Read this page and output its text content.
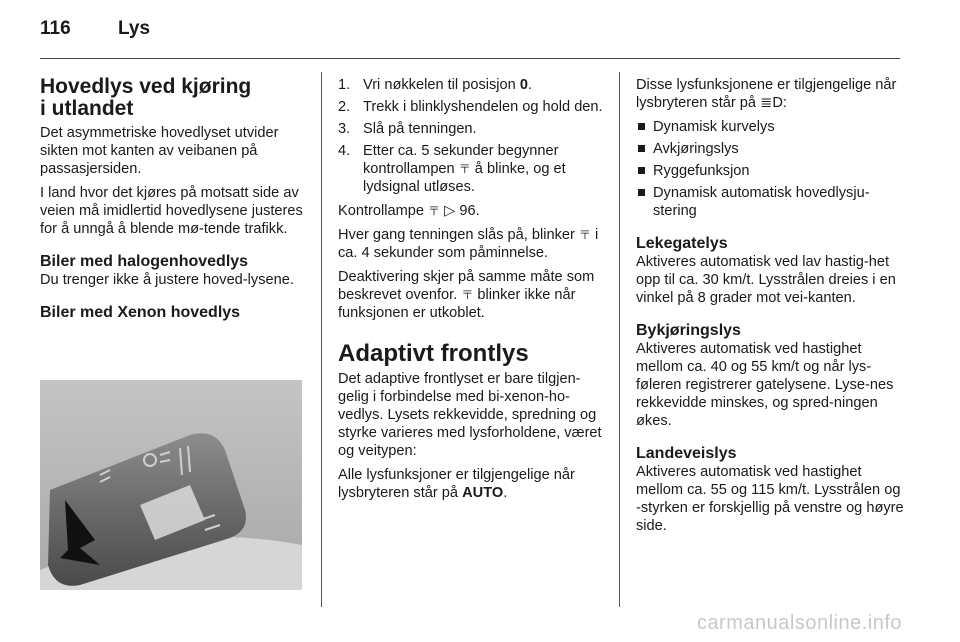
116 Lys
Hovedlys ved kjøring
i utlandet

Det asymmetriske hovedlyset utvider sikten mot kanten av veibanen på passasjersiden.

I land hvor det kjøres på motsatt side av veien må imidlertid hovedlysene justeres for å unngå å blende mø-tende trafikk.

Biler med halogenhovedlys

Du trenger ikke å justere hoved-lysene.

Biler med Xenon hovedlys
1. Vri nøkkelen til posisjon 0.
2. Trekk i blinklyshendelen og hold den.
3. Slå på tenningen.
4. Etter ca. 5 sekunder begynner kontrollampen 〒 å blinke, og et lydsignal utløses.

Kontrollampe 〒 ▷ 96.

Hver gang tenningen slås på, blinker 〒 i ca. 4 sekunder som påminnelse.

Deaktivering skjer på samme måte som beskrevet ovenfor. 〒 blinker ikke når funksjonen er utkoblet.

Adaptivt frontlys

Det adaptive frontlyset er bare tilgjen-gelig i forbindelse med bi-xenon-ho-vedlys. Lysets rekkevidde, spredning og styrke varieres med lysforholdene, været og veitypen:

Alle lysfunksjoner er tilgjengelige når lysbryteren står på AUTO.

Disse lysfunksjonene er tilgjengelige når lysbryteren står på ≣D:

Dynamisk kurvelys
Avkjøringslys
Ryggefunksjon
Dynamisk automatisk hovedlysju-stering
Lekegatelys

Aktiveres automatisk ved lav hastig-het opp til ca. 30 km/t. Lysstrålen dreies i en vinkel på 8 grader mot vei-kanten.

Bykjøringslys

Aktiveres automatisk ved hastighet mellom ca. 40 og 55 km/t og når lys-føleren registrerer gatelysene. Lyse-nes rekkevidde minskes, og spred-ningen økes.

Landeveislys

Aktiveres automatisk ved hastighet mellom ca. 55 og 115 km/t. Lysstrålen og -styrken er forskjellig på venstre og høyre side.

carmanualsonline.info
